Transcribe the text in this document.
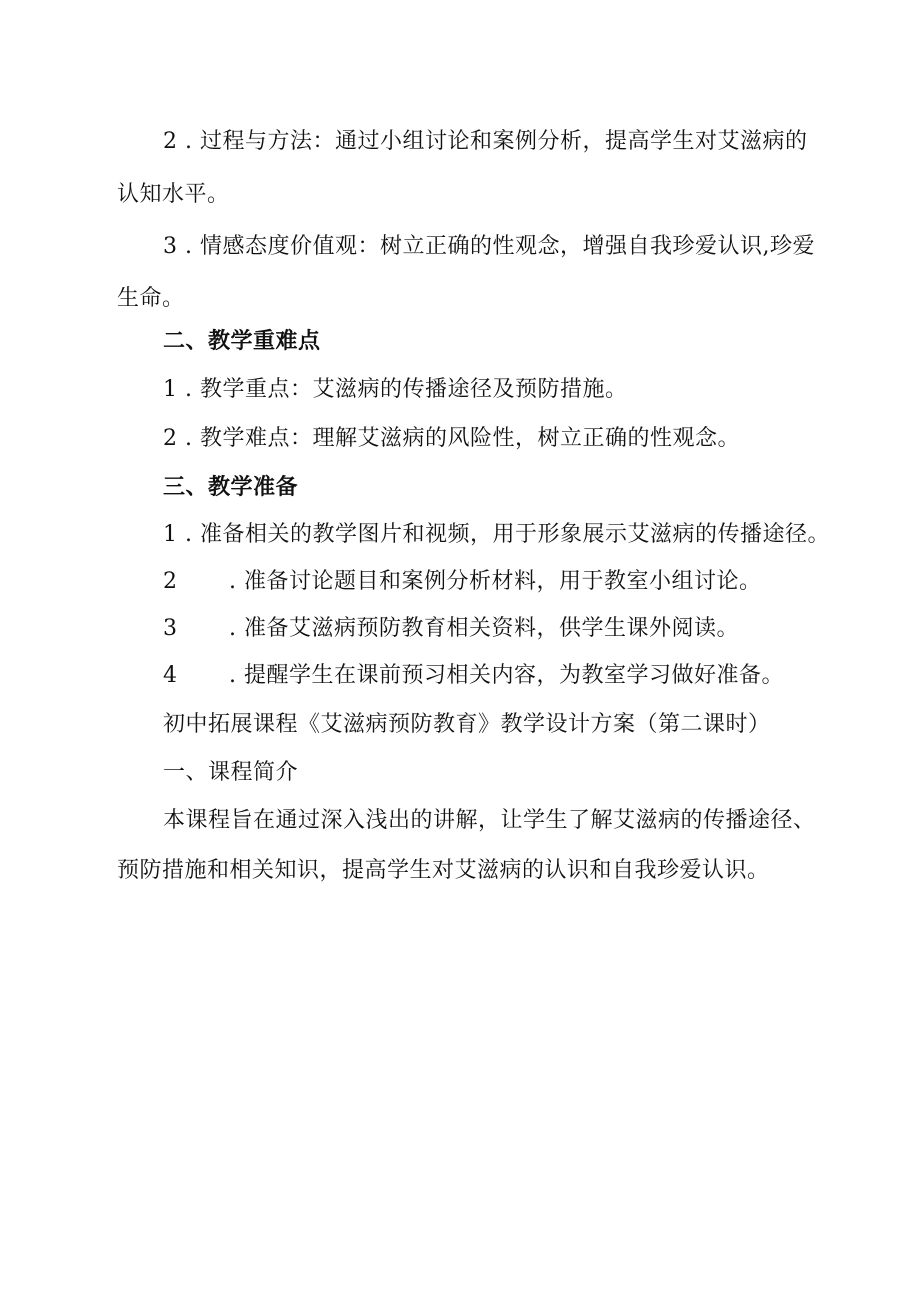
2 . 过程与方法：通过小组讨论和案例分析，提高学生对艾滋病的
认知水平。
3 . 情感态度价值观：树立正确的性观念，增强自我珍爱认识,珍爱
生命。
二、教学重难点
1 . 教学重点：艾滋病的传播途径及预防措施。
2 . 教学难点：理解艾滋病的风险性，树立正确的性观念。
三、教学准备
1 . 准备相关的教学图片和视频，用于形象展示艾滋病的传播途径。
2 . 准备讨论题目和案例分析材料，用于教室小组讨论。
3 . 准备艾滋病预防教育相关资料，供学生课外阅读。
4 . 提醒学生在课前预习相关内容，为教室学习做好准备。
初中拓展课程《艾滋病预防教育》教学设计方案（第二课时）
一、课程简介
本课程旨在通过深入浅出的讲解，让学生了解艾滋病的传播途径、
预防措施和相关知识，提高学生对艾滋病的认识和自我珍爱认识。
